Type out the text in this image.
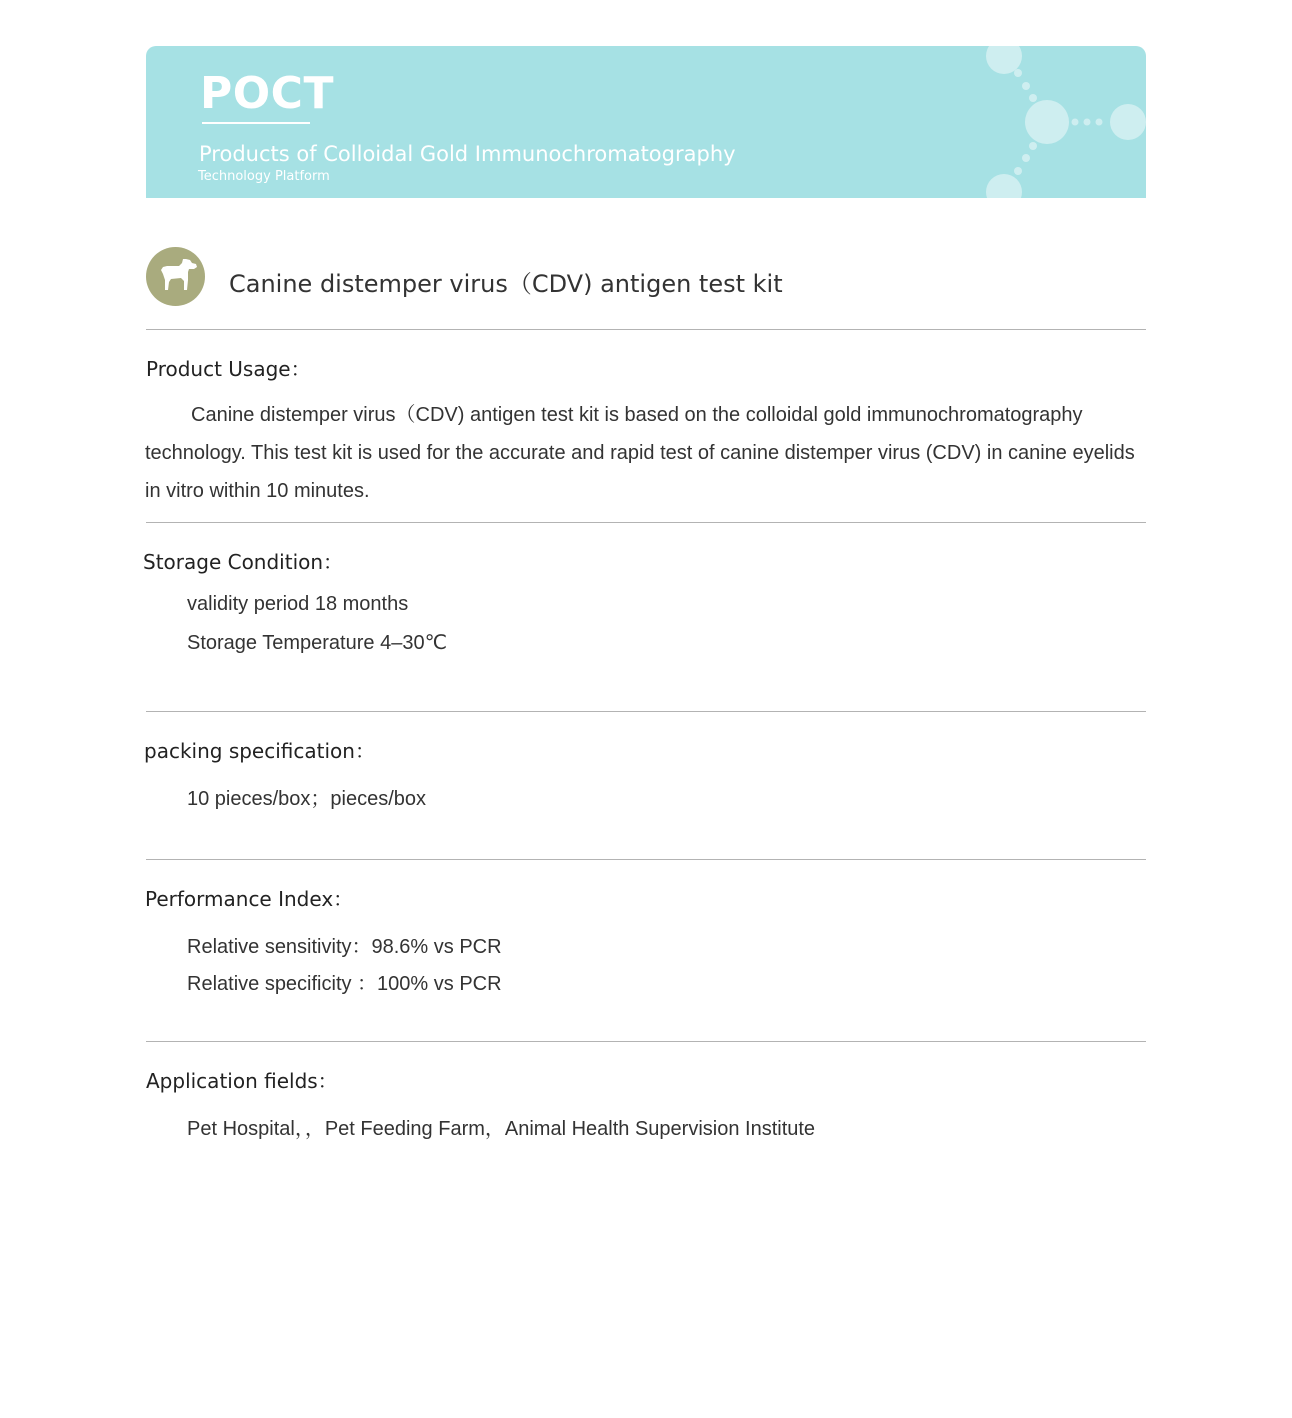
POCT
Products of Colloidal Gold Immunochromatography
Technology Platform
Canine distemper virus（CDV) antigen test kit
Product Usage：
Canine distemper virus（CDV) antigen test kit is based on the colloidal gold immunochromatography technology. This test kit is used for the accurate and rapid test of canine distemper virus (CDV) in canine eyelids in vitro within 10 minutes.
Storage Condition：
validity period 18 months
Storage Temperature 4–30℃
packing specification：
10 pieces/box；pieces/box
Performance Index：
Relative sensitivity：98.6% vs PCR
Relative specificity ：100% vs PCR
Application fields：
Pet Hospital，，Pet Feeding Farm，Animal Health Supervision Institute
